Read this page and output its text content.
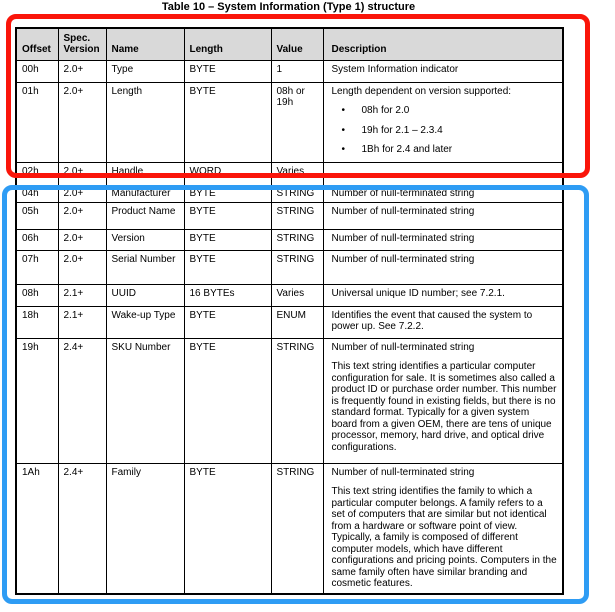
Table 10 – System Information (Type 1) structure
Offset	Spec. Version	Name	Length	Value	Description
00h	2.0+	Type	BYTE	1	System Information indicator
01h	2.0+	Length	BYTE	08h or 19h	
Length dependent on version supported:
•	08h for 2.0
•	19h for 2.1 – 2.3.4
•	1Bh for 2.4 and later

02h	2.0+	Handle	WORD	Varies	
04h	2.0+	Manufacturer	BYTE	STRING	Number of null-terminated string
05h	2.0+	Product Name	BYTE	STRING	Number of null-terminated string
06h	2.0+	Version	BYTE	STRING	Number of null-terminated string
07h	2.0+	Serial Number	BYTE	STRING	Number of null-terminated string
08h	2.1+	UUID	16 BYTEs	Varies	Universal unique ID number; see 7.2.1.
18h	2.1+	Wake-up Type	BYTE	ENUM	Identifies the event that caused the system to power up. See 7.2.2.
19h	2.4+	SKU Number	BYTE	STRING	Number of null-terminated string
This text string identifies a particular computer configuration for sale. It is sometimes also called a product ID or purchase order number. This number is frequently found in existing fields, but there is no standard format. Typically for a given system board from a given OEM, there are tens of unique processor, memory, hard drive, and optical drive configurations.

1Ah	2.4+	Family	BYTE	STRING	Number of null-terminated string
This text string identifies the family to which a particular computer belongs. A family refers to a set of computers that are similar but not identical from a hardware or software point of view. Typically, a family is composed of different computer models, which have different configurations and pricing points. Computers in the same family often have similar branding and cosmetic features.
